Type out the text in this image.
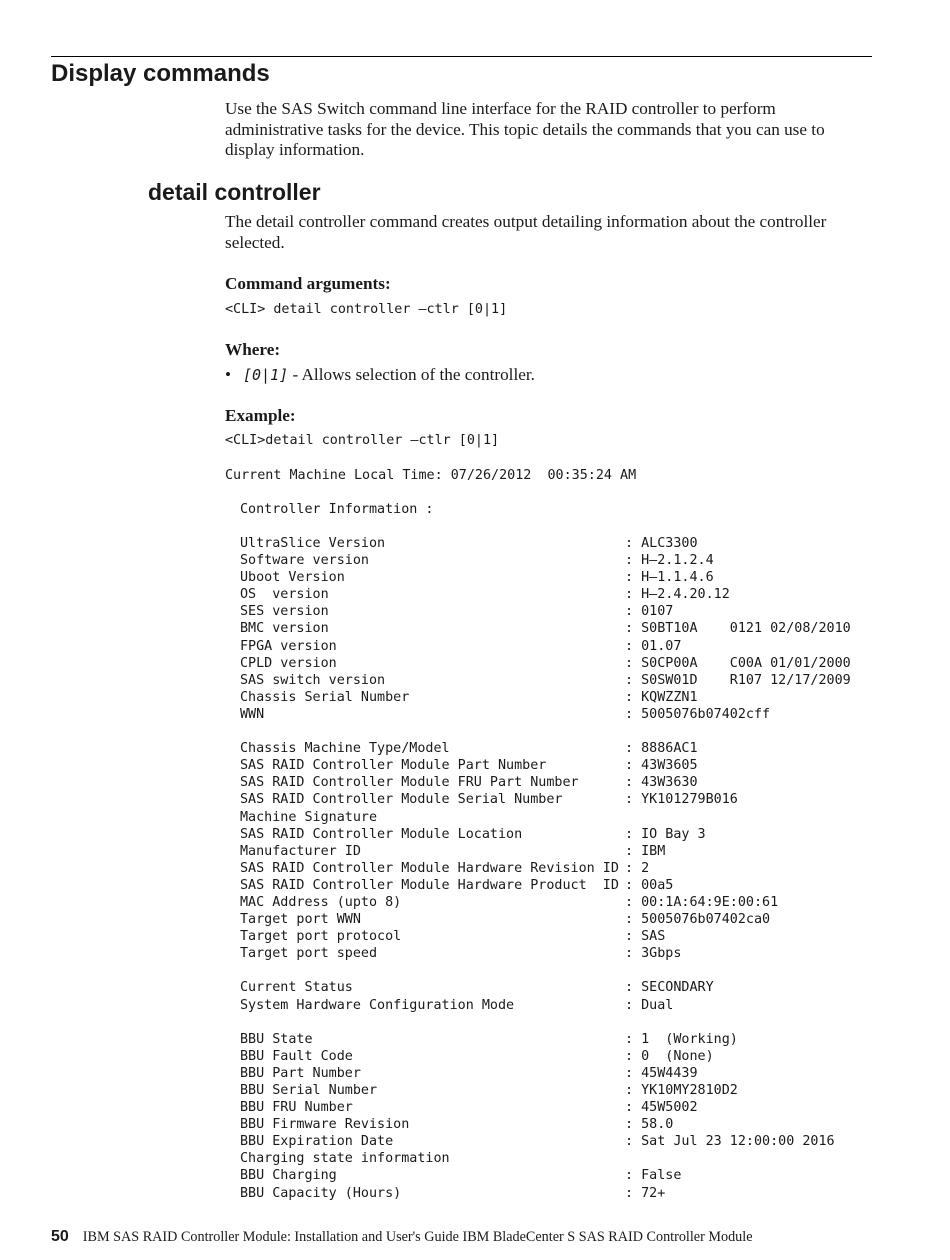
Display commands

Use the SAS Switch command line interface for the RAID controller to perform administrative tasks for the device. This topic details the commands that you can use to display information.

detail controller

The detail controller command creates output detailing information about the controller selected.

Command arguments:

<CLI> detail controller –ctlr [0|1]

Where:

• [0|1] - Allows selection of the controller.

Example:

<CLI>detail controller –ctlr [0|1]

Current Machine Local Time: 07/26/2012  00:35:24 AM

Controller Information :

UltraSlice Version	: ALC3300
Software version	: H–2.1.2.4
Uboot Version	: H–1.1.4.6
OS  version	: H–2.4.20.12
SES version	: 0107
BMC version	: S0BT10A    0121 02/08/2010
FPGA version	: 01.07
CPLD version	: S0CP00A    C00A 01/01/2000
SAS switch version	: S0SW01D    R107 12/17/2009
Chassis Serial Number	: KQWZZN1
WWN	: 5005076b07402cff
Chassis Machine Type/Model	: 8886AC1
SAS RAID Controller Module Part Number	: 43W3605
SAS RAID Controller Module FRU Part Number	: 43W3630
SAS RAID Controller Module Serial Number	: YK101279B016
Machine Signature
SAS RAID Controller Module Location	: IO Bay 3
Manufacturer ID	: IBM
SAS RAID Controller Module Hardware Revision ID : 2
SAS RAID Controller Module Hardware Product  ID : 00a5
MAC Address (upto 8)	: 00:1A:64:9E:00:61
Target port WWN	: 5005076b07402ca0
Target port protocol	: SAS
Target port speed	: 3Gbps
Current Status	: SECONDARY
System Hardware Configuration Mode	: Dual
BBU State	: 1  (Working)
BBU Fault Code	: 0  (None)
BBU Part Number	: 45W4439
BBU Serial Number	: YK10MY2810D2
BBU FRU Number	: 45W5002
BBU Firmware Revision	: 58.0
BBU Expiration Date	: Sat Jul 23 12:00:00 2016
Charging state information
BBU Charging	: False
BBU Capacity (Hours)	: 72+
50 IBM SAS RAID Controller Module: Installation and User's Guide IBM BladeCenter S SAS RAID Controller Module
